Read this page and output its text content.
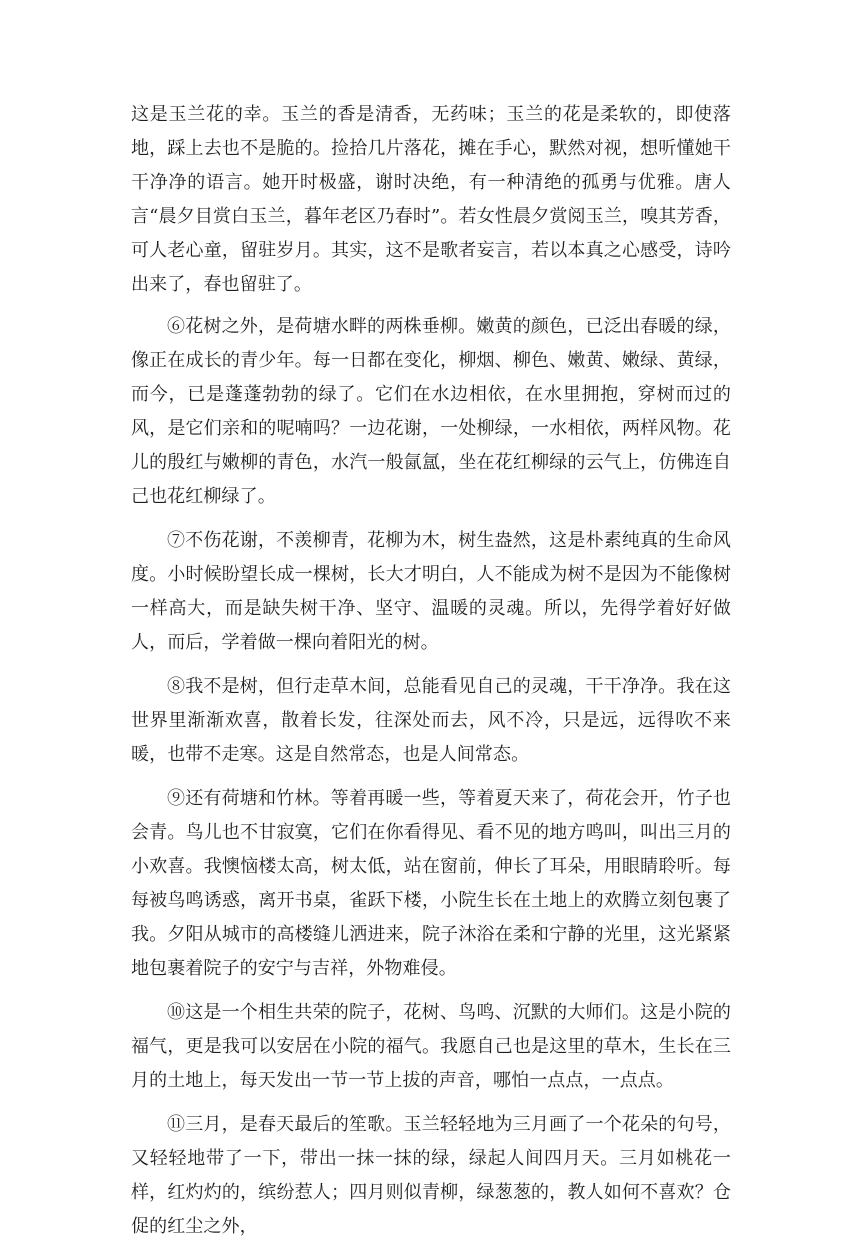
这是玉兰花的幸。玉兰的香是清香，无药味；玉兰的花是柔软的，即使落地，踩上去也不是脆的。捡拾几片落花，摊在手心，默然对视，想听懂她干干净净的语言。她开时极盛，谢时决绝，有一种清绝的孤勇与优雅。唐人言“晨夕目赏白玉兰，暮年老区乃春时”。若女性晨夕赏阅玉兰，嗅其芳香，可人老心童，留驻岁月。其实，这不是歌者妄言，若以本真之心感受，诗吟出来了，春也留驻了。

⑥花树之外，是荷塘水畔的两株垂柳。嫩黄的颜色，已泛出春暖的绿，像正在成长的青少年。每一日都在变化，柳烟、柳色、嫩黄、嫩绿、黄绿，而今，已是蓬蓬勃勃的绿了。它们在水边相依，在水里拥抱，穿树而过的风，是它们亲和的呢喃吗？一边花谢，一处柳绿，一水相依，两样风物。花儿的殷红与嫩柳的青色，水汽一般氤氲，坐在花红柳绿的云气上，仿佛连自己也花红柳绿了。

⑦不伤花谢，不羡柳青，花柳为木，树生盎然，这是朴素纯真的生命风度。小时候盼望长成一棵树，长大才明白，人不能成为树不是因为不能像树一样高大，而是缺失树干净、坚守、温暖的灵魂。所以，先得学着好好做人，而后，学着做一棵向着阳光的树。

⑧我不是树，但行走草木间，总能看见自己的灵魂，干干净净。我在这世界里渐渐欢喜，散着长发，往深处而去，风不冷，只是远，远得吹不来暖，也带不走寒。这是自然常态，也是人间常态。

⑨还有荷塘和竹林。等着再暖一些，等着夏天来了，荷花会开，竹子也会青。鸟儿也不甘寂寞，它们在你看得见、看不见的地方鸣叫，叫出三月的小欢喜。我懊恼楼太高，树太低，站在窗前，伸长了耳朵，用眼睛聆听。每每被鸟鸣诱惑，离开书桌，雀跃下楼，小院生长在土地上的欢腾立刻包裹了我。夕阳从城市的高楼缝儿洒进来，院子沐浴在柔和宁静的光里，这光紧紧地包裹着院子的安宁与吉祥，外物难侵。

⑩这是一个相生共荣的院子，花树、鸟鸣、沉默的大师们。这是小院的福气，更是我可以安居在小院的福气。我愿自己也是这里的草木，生长在三月的土地上，每天发出一节一节上拔的声音，哪怕一点点，一点点。

⑪三月，是春天最后的笙歌。玉兰轻轻地为三月画了一个花朵的句号，又轻轻地带了一下，带出一抹一抹的绿，绿起人间四月天。三月如桃花一样，红灼灼的，缤纷惹人；四月则似青柳，绿葱葱的，教人如何不喜欢？仓促的红尘之外，
